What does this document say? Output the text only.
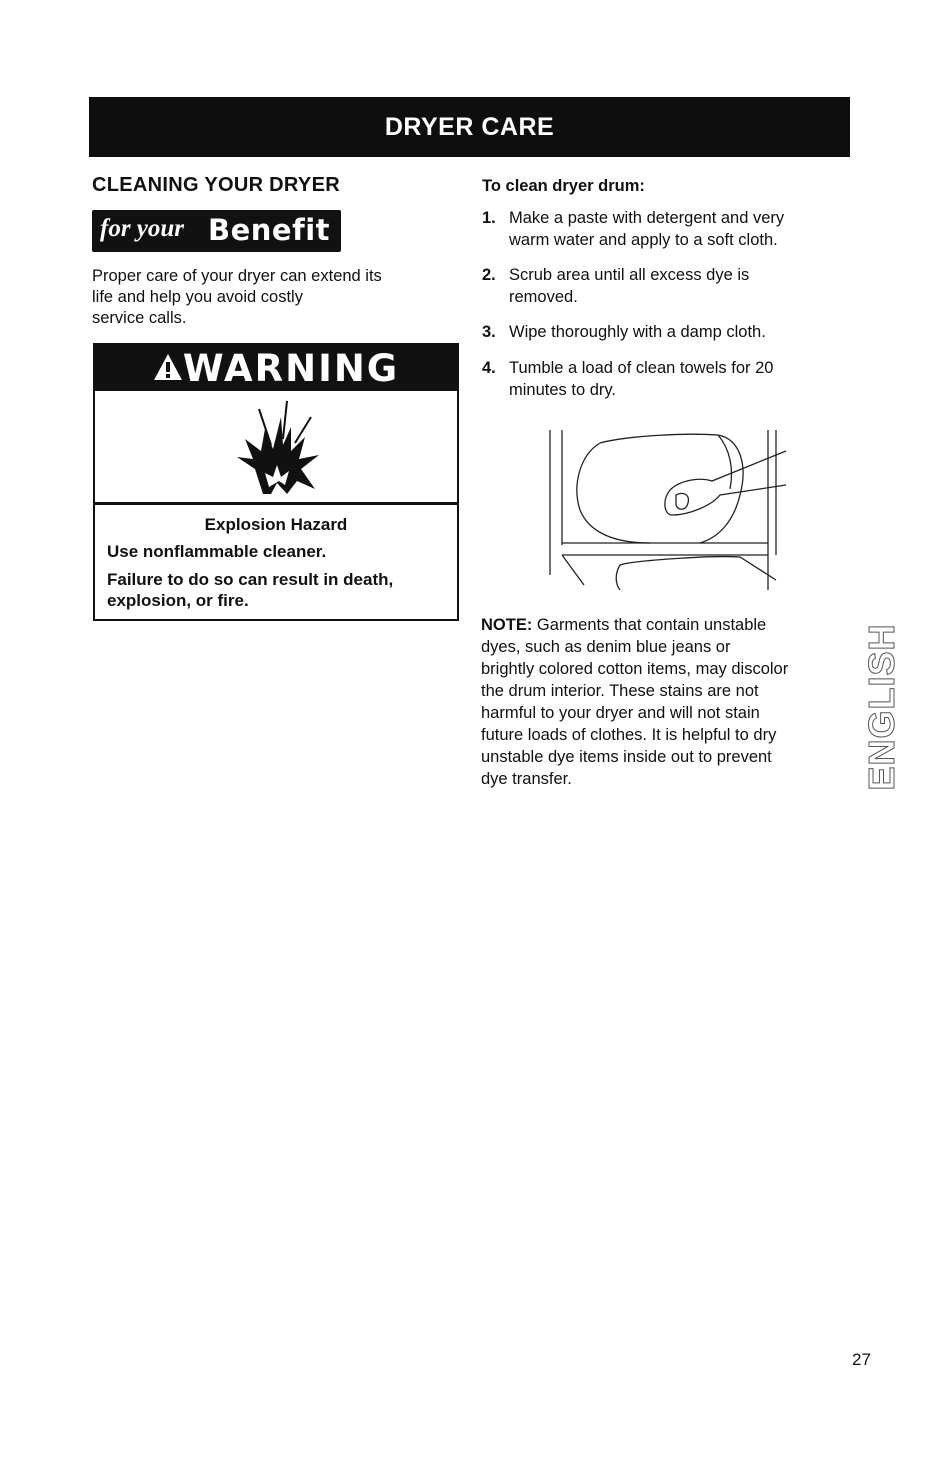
DRYER CARE
CLEANING YOUR DRYER
for your Benefit
Proper care of your dryer can extend its
life and help you avoid costly
service calls.
WARNING
Explosion Hazard
Use nonflammable cleaner.
Failure to do so can result in death,
explosion, or fire.
To clean dryer drum:
1. Make a paste with detergent and very
warm water and apply to a soft cloth.
2. Scrub area until all excess dye is
removed.
3. Wipe thoroughly with a damp cloth.
4. Tumble a load of clean towels for 20
minutes to dry.
NOTE: Garments that contain unstable
dyes, such as denim blue jeans or
brightly colored cotton items, may discolor
the drum interior. These stains are not
harmful to your dryer and will not stain
future loads of clothes. It is helpful to dry
unstable dye items inside out to prevent
dye transfer.	ENGLISH
27
